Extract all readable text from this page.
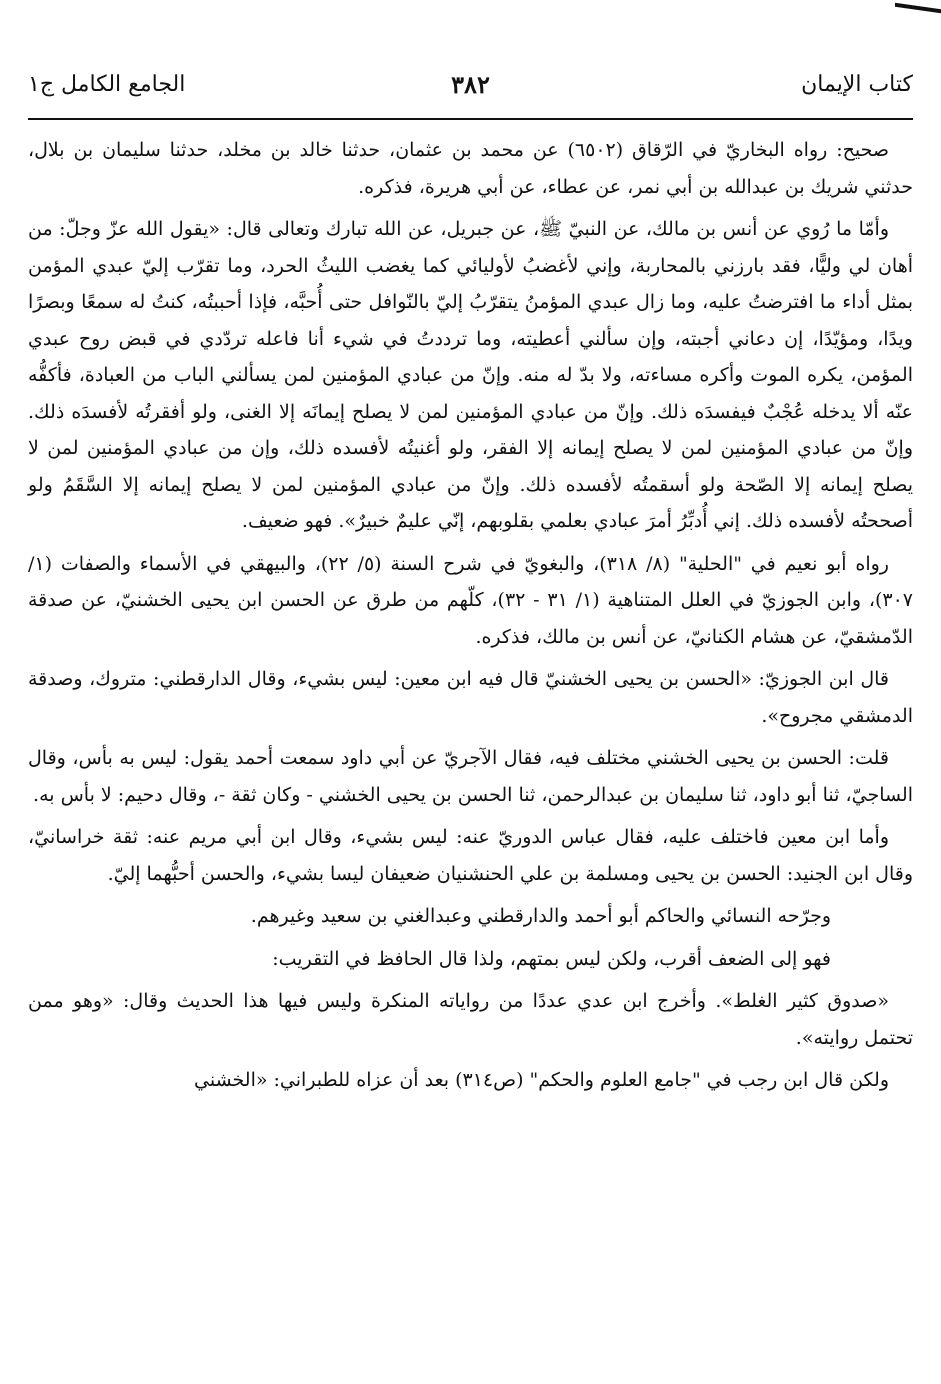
كتاب الإيمان
٣٨٢
الجامع الكامل ج١

صحيح: رواه البخاريّ في الرّقاق (٦٥٠٢) عن محمد بن عثمان، حدثنا خالد بن مخلد، حدثنا سليمان بن بلال، حدثني شريك بن عبدالله بن أبي نمر، عن عطاء، عن أبي هريرة، فذكره.

وأمّا ما رُوي عن أنس بن مالك، عن النبيّ ﷺ، عن جبريل، عن الله تبارك وتعالى قال: «يقول الله عزّ وجلّ: من أهان لي وليًّا، فقد بارزني بالمحاربة، وإني لأغضبُ لأوليائي كما يغضب الليثُ الحرد، وما تقرّب إليّ عبدي المؤمن بمثل أداء ما افترضتُ عليه، وما زال عبدي المؤمنُ يتقرّبُ إليّ بالنّوافل حتى أُحبَّه، فإذا أحببتُه، كنتُ له سمعًا وبصرًا ويدًا، ومؤيّدًا، إن دعاني أجبته، وإن سألني أعطيته، وما ترددتُ في شيء أنا فاعله تردّدي في قبض روح عبدي المؤمن، يكره الموت وأكره مساءته، ولا بدّ له منه. وإنّ من عبادي المؤمنين لمن يسألني الباب من العبادة، فأكفُّه عنّه ألا يدخله عُجْبٌ فيفسدَه ذلك. وإنّ من عبادي المؤمنين لمن لا يصلح إيمانَه إلا الغنى، ولو أفقرتُه لأفسدَه ذلك. وإنّ من عبادي المؤمنين لمن لا يصلح إيمانه إلا الفقر، ولو أغنيتُه لأفسده ذلك، وإن من عبادي المؤمنين لمن لا يصلح إيمانه إلا الصّحة ولو أسقمتُه لأفسده ذلك. وإنّ من عبادي المؤمنين لمن لا يصلح إيمانه إلا السَّقَمُ ولو أصححتُه لأفسده ذلك. إني أُدبِّرُ أمرَ عبادي بعلمي بقلوبهم، إنّي عليمٌ خبيرٌ». فهو ضعيف.

رواه أبو نعيم في "الحلية" (٨/ ٣١٨)، والبغويّ في شرح السنة (٥/ ٢٢)، والبيهقي في الأسماء والصفات (١/ ٣٠٧)، وابن الجوزيّ في العلل المتناهية (١/ ٣١ - ٣٢)، كلّهم من طرق عن الحسن ابن يحيى الخشنيّ، عن صدقة الدّمشقيّ، عن هشام الكنانيّ، عن أنس بن مالك، فذكره.

قال ابن الجوزيّ: «الحسن بن يحيى الخشنيّ قال فيه ابن معين: ليس بشيء، وقال الدارقطني: متروك، وصدقة الدمشقي مجروح».

قلت: الحسن بن يحيى الخشني مختلف فيه، فقال الآجريّ عن أبي داود سمعت أحمد يقول: ليس به بأس، وقال الساجيّ، ثنا أبو داود، ثنا سليمان بن عبدالرحمن، ثنا الحسن بن يحيى الخشني - وكان ثقة -، وقال دحيم: لا بأس به.

وأما ابن معين فاختلف عليه، فقال عباس الدوريّ عنه: ليس بشيء، وقال ابن أبي مريم عنه: ثقة خراسانيّ، وقال ابن الجنيد: الحسن بن يحيى ومسلمة بن علي الحنشنيان ضعيفان ليسا بشيء، والحسن أحبُّهما إليّ.

وجرّحه النسائي والحاكم أبو أحمد والدارقطني وعبدالغني بن سعيد وغيرهم.

فهو إلى الضعف أقرب، ولكن ليس بمتهم، ولذا قال الحافظ في التقريب:

«صدوق كثير الغلط». وأخرج ابن عدي عددًا من رواياته المنكرة وليس فيها هذا الحديث وقال: «وهو ممن تحتمل روايته».

ولكن قال ابن رجب في "جامع العلوم والحكم" (ص٣١٤) بعد أن عزاه للطبراني: «الخشني
